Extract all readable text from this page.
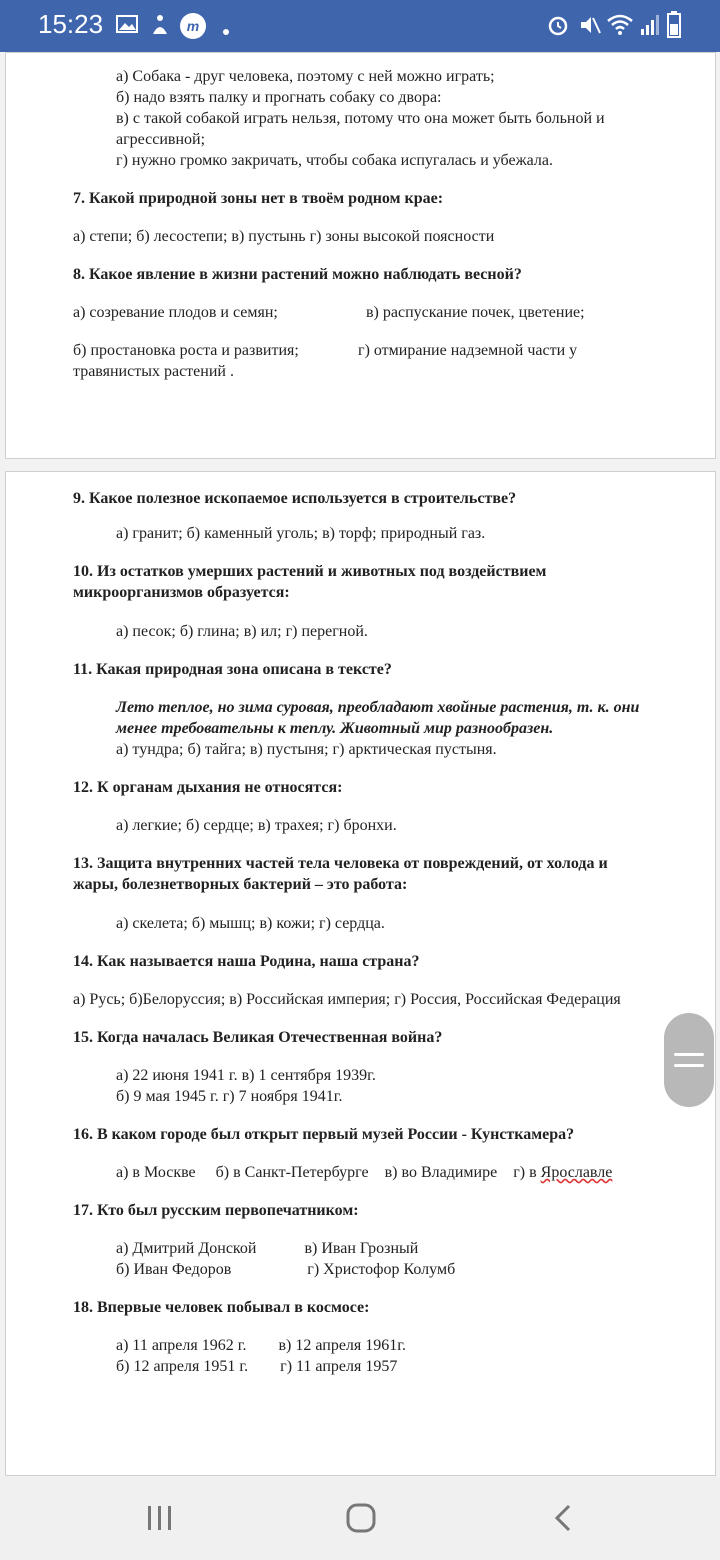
15:23	m
а) Собака - друг человека, поэтому с ней можно играть;
б) надо взять палку и прогнать собаку со двора:
в) с такой собакой играть нельзя, потому что она может быть больной и
агрессивной;
г) нужно громко закричать, чтобы собака испугалась и убежала.
7. Какой природной зоны нет в твоём родном крае:
а) степи; б) лесостепи; в) пустынь г) зоны высокой поясности
8. Какое явление в жизни растений можно наблюдать весной?
а) созревание плодов и семян;	в) распускание почек, цветение;
б) простановка роста и развития;	г) отмирание надземной части у
травянистых растений .
9. Какое полезное ископаемое используется в строительстве?
а) гранит; б) каменный уголь; в) торф; природный газ.
10. Из остатков умерших растений и животных под воздействием
микроорганизмов образуется:
а) песок; б) глина; в) ил; г) перегной.
11. Какая природная зона описана в тексте?
Лето теплое, но зима суровая, преобладают хвойные растения, т. к. они
менее требовательны к теплу. Животный мир разнообразен.
а) тундра; б) тайга; в) пустыня; г) арктическая пустыня.
12. К органам дыхания не относятся:
а) легкие; б) сердце; в) трахея; г) бронхи.
13. Защита внутренних частей тела человека от повреждений, от холода и
жары, болезнетворных бактерий – это работа:
а) скелета; б) мышц; в) кожи; г) сердца.
14. Как называется наша Родина, наша страна?
а) Русь; б)Белоруссия; в) Российская империя; г) Россия, Российская Федерация
15. Когда началась Великая Отечественная война?
а) 22 июня 1941 г. в) 1 сентября 1939г.
б) 9 мая 1945 г. г) 7 ноября 1941г.
16. В каком городе был открыт первый музей России - Кунсткамера?
а) в Москве     б) в Санкт-Петербурге    в) во Владимире    г) в Ярославле
17. Кто был русским первопечатником:
а) Дмитрий Донской            в) Иван Грозный
б) Иван Федоров                   г) Христофор Колумб
18. Впервые человек побывал в космосе:
а) 11 апреля 1962 г.        в) 12 апреля 1961г.
б) 12 апреля 1951 г.        г) 11 апреля 1957
